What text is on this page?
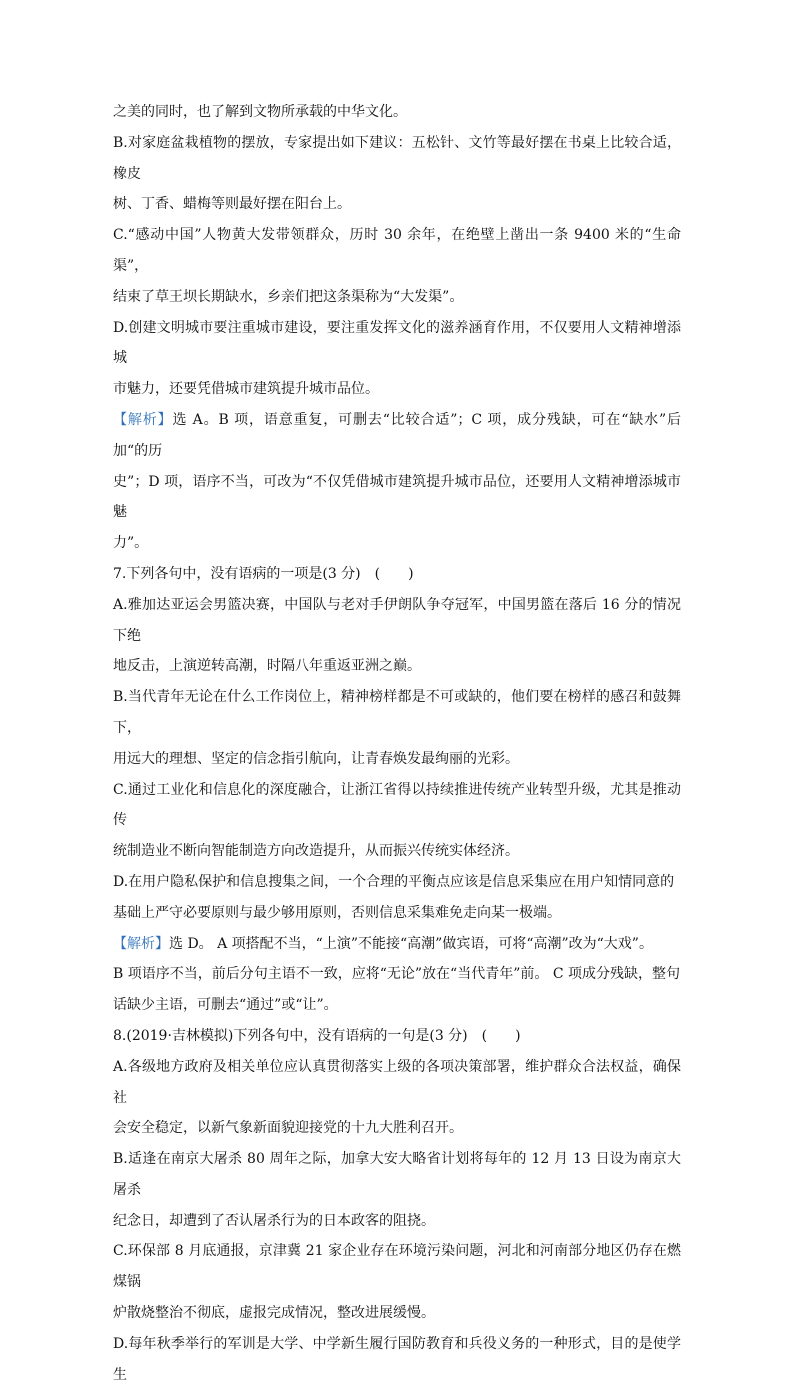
之美的同时，也了解到文物所承载的中华文化。

B.对家庭盆栽植物的摆放，专家提出如下建议：五松针、文竹等最好摆在书桌上比较合适，橡皮

树、丁香、蜡梅等则最好摆在阳台上。

C.“感动中国”人物黄大发带领群众，历时 30 余年，在绝壁上凿出一条 9400 米的“生命渠”，

结束了草王坝长期缺水，乡亲们把这条渠称为“大发渠”。

D.创建文明城市要注重城市建设，要注重发挥文化的滋养涵育作用，不仅要用人文精神增添城

市魅力，还要凭借城市建筑提升城市品位。

【解析】选 A。B 项，语意重复，可删去“比较合适”；C 项，成分残缺，可在“缺水”后加“的历

史”；D 项，语序不当，可改为“不仅凭借城市建筑提升城市品位，还要用人文精神增添城市魅

力”。

7.下列各句中，没有语病的一项是(3 分)　(　　)

A.雅加达亚运会男篮决赛，中国队与老对手伊朗队争夺冠军，中国男篮在落后 16 分的情况下绝

地反击，上演逆转高潮，时隔八年重返亚洲之巅。

B.当代青年无论在什么工作岗位上，精神榜样都是不可或缺的，他们要在榜样的感召和鼓舞下，

用远大的理想、坚定的信念指引航向，让青春焕发最绚丽的光彩。

C.通过工业化和信息化的深度融合，让浙江省得以持续推进传统产业转型升级，尤其是推动传

统制造业不断向智能制造方向改造提升，从而振兴传统实体经济。

D.在用户隐私保护和信息搜集之间，一个合理的平衡点应该是信息采集应在用户知情同意的

基础上严守必要原则与最少够用原则，否则信息采集难免走向某一极端。

【解析】选 D。 A 项搭配不当，“上演”不能接“高潮”做宾语，可将“高潮”改为“大戏”。

B 项语序不当，前后分句主语不一致，应将“无论”放在“当代青年”前。 C 项成分残缺，整句

话缺少主语，可删去“通过”或“让”。

8.(2019·吉林模拟)下列各句中，没有语病的一句是(3 分)　(　　)

A.各级地方政府及相关单位应认真贯彻落实上级的各项决策部署，维护群众合法权益，确保社

会安全稳定，以新气象新面貌迎接党的十九大胜利召开。

B.适逢在南京大屠杀 80 周年之际，加拿大安大略省计划将每年的 12 月 13 日设为南京大屠杀

纪念日，却遭到了否认屠杀行为的日本政客的阻挠。

C.环保部 8 月底通报，京津冀 21 家企业存在环境污染问题，河北和河南部分地区仍存在燃煤锅

炉散烧整治不彻底，虚报完成情况，整改进展缓慢。

D.每年秋季举行的军训是大学、中学新生履行国防教育和兵役义务的一种形式，目的是使学生
